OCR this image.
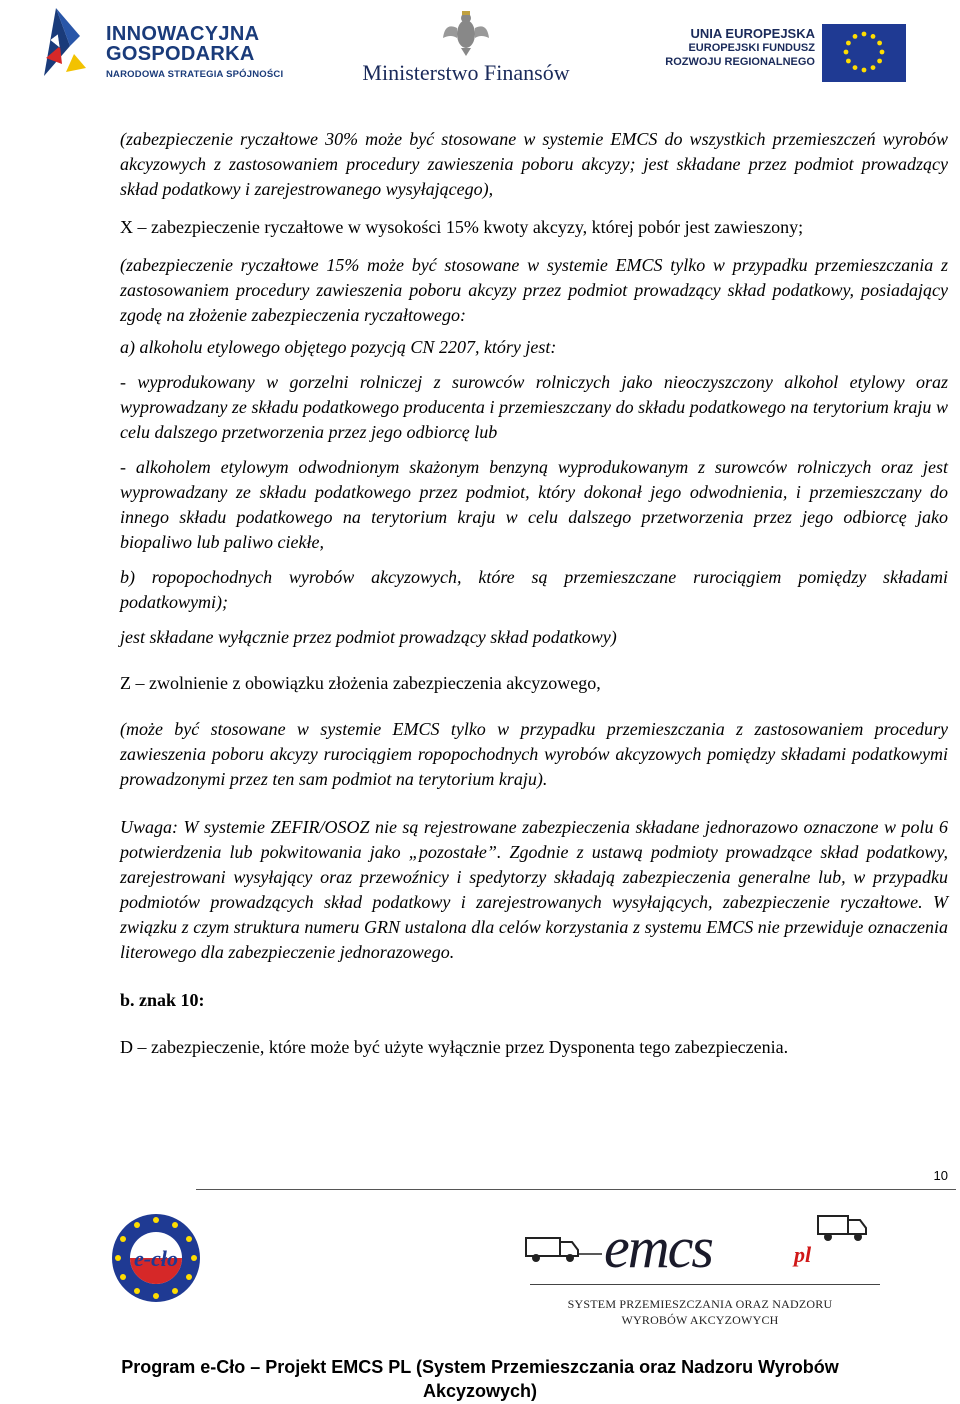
INNOWACYJNA
GOSPODARKA
NARODOWA STRATEGIA SPÓJNOŚCI	Ministerstwo Finansów
UNIA EUROPEJSKA
EUROPEJSKI FUNDUSZ
ROZWOJU REGIONALNEGO

(zabezpieczenie ryczałtowe 30% może być stosowane w systemie EMCS do wszystkich przemieszczeń wyrobów akcyzowych z zastosowaniem procedury zawieszenia poboru akcyzy; jest składane przez podmiot prowadzący skład podatkowy i zarejestrowanego wysyłającego),

X – zabezpieczenie ryczałtowe w wysokości 15% kwoty akcyzy, której pobór jest zawieszony;

(zabezpieczenie ryczałtowe 15% może być stosowane w systemie EMCS tylko w przypadku przemieszczania z zastosowaniem procedury zawieszenia poboru akcyzy przez podmiot prowadzący skład podatkowy, posiadający zgodę na złożenie zabezpieczenia ryczałtowego:

a) alkoholu etylowego objętego pozycją CN 2207, który jest:

- wyprodukowany w gorzelni rolniczej z surowców rolniczych jako nieoczyszczony alkohol etylowy oraz wyprowadzany ze składu podatkowego producenta i przemieszczany do składu podatkowego na terytorium kraju w celu dalszego przetworzenia przez jego odbiorcę lub

- alkoholem etylowym odwodnionym skażonym benzyną wyprodukowanym z surowców rolniczych oraz jest wyprowadzany ze składu podatkowego przez podmiot, który dokonał jego odwodnienia, i przemieszczany do innego składu podatkowego na terytorium kraju w celu dalszego przetworzenia przez jego odbiorcę jako biopaliwo lub paliwo ciekłe,

b) ropopochodnych wyrobów akcyzowych, które są przemieszczane rurociągiem pomiędzy składami podatkowymi);

jest składane wyłącznie przez podmiot prowadzący skład podatkowy)

Z – zwolnienie z obowiązku złożenia zabezpieczenia akcyzowego,

(może być stosowane w systemie EMCS tylko w przypadku przemieszczania z zastosowaniem procedury zawieszenia poboru akcyzy rurociągiem ropopochodnych wyrobów akcyzowych pomiędzy składami podatkowymi prowadzonymi przez ten sam podmiot na terytorium kraju).

Uwaga: W systemie ZEFIR/OSOZ nie są rejestrowane zabezpieczenia składane jednorazowo oznaczone w polu 6 potwierdzenia lub pokwitowania jako „pozostałe”. Zgodnie z ustawą podmioty prowadzące skład podatkowy, zarejestrowani wysyłający oraz przewoźnicy i spedytorzy składają zabezpieczenia generalne lub, w przypadku podmiotów prowadzących skład podatkowy i zarejestrowanych wysyłających, zabezpieczenie ryczałtowe. W związku z czym struktura numeru GRN ustalona dla celów korzystania z systemu EMCS nie przewiduje oznaczenia literowego dla zabezpieczenie jednorazowego.

b. znak 10:

D – zabezpieczenie, które może być użyte wyłącznie przez Dysponenta tego zabezpieczenia.

10
e-cło	emcs	pl
SYSTEM PRZEMIESZCZANIA ORAZ NADZORU
WYROBÓW AKCYZOWYCH
Program e-Cło – Projekt EMCS PL (System Przemieszczania oraz Nadzoru Wyrobów
Akcyzowych)
